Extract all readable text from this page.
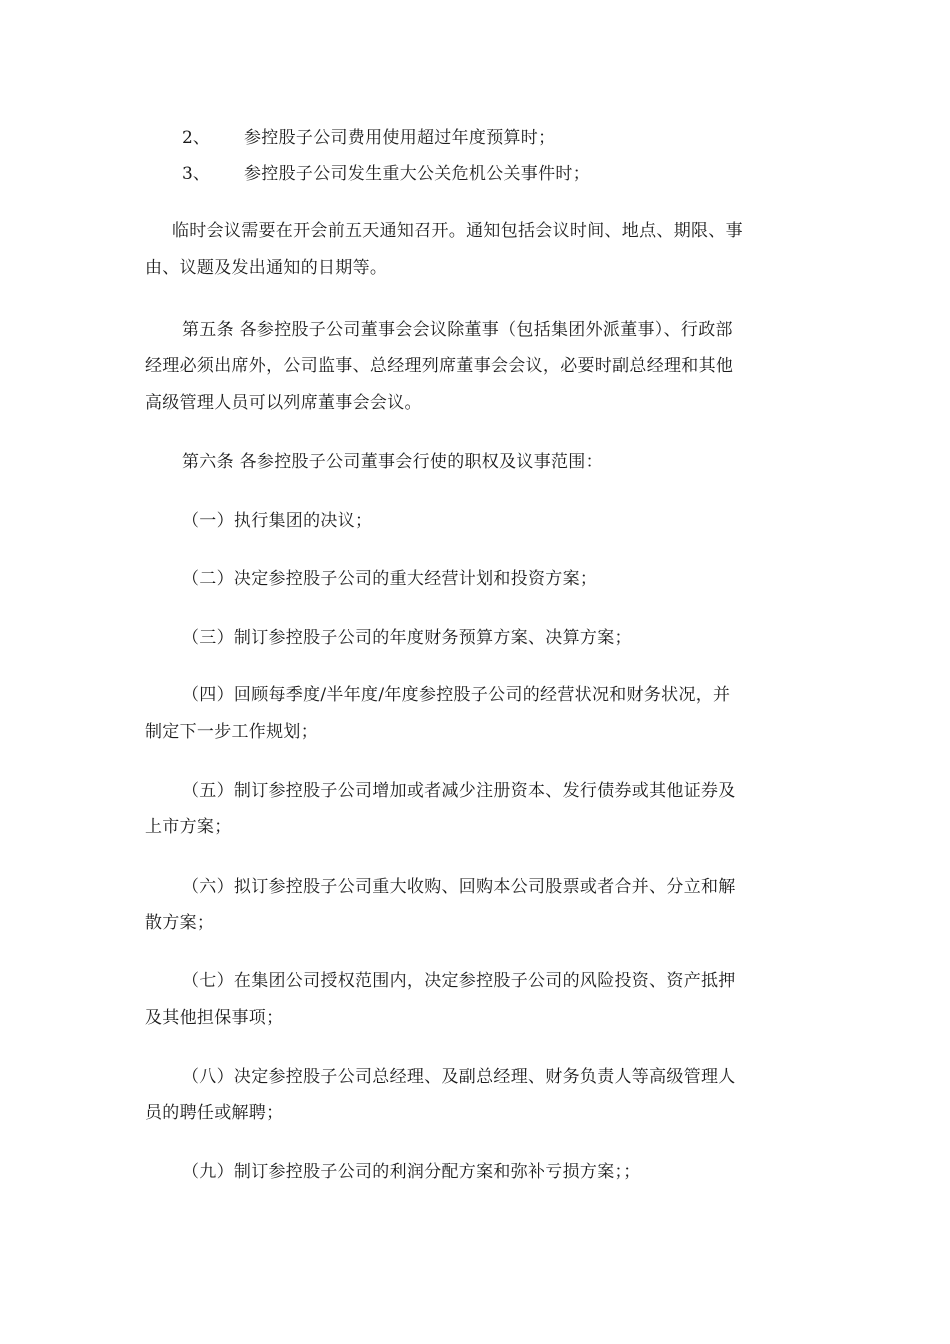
2、 参控股子公司费用使用超过年度预算时；
3、 参控股子公司发生重大公关危机公关事件时；
临时会议需要在开会前五天通知召开。通知包括会议时间、地点、期限、事
由、议题及发出通知的日期等。
第五条 各参控股子公司董事会会议除董事（包括集团外派董事）、行政部
经理必须出席外，公司监事、总经理列席董事会会议，必要时副总经理和其他
高级管理人员可以列席董事会会议。
第六条 各参控股子公司董事会行使的职权及议事范围：
（一）执行集团的决议；
（二）决定参控股子公司的重大经营计划和投资方案；
（三）制订参控股子公司的年度财务预算方案、决算方案；
（四）回顾每季度/半年度/年度参控股子公司的经营状况和财务状况，并
制定下一步工作规划；
（五）制订参控股子公司增加或者减少注册资本、发行债券或其他证券及
上市方案；
（六）拟订参控股子公司重大收购、回购本公司股票或者合并、分立和解
散方案；
（七）在集团公司授权范围内，决定参控股子公司的风险投资、资产抵押
及其他担保事项；
（八）决定参控股子公司总经理、及副总经理、财务负责人等高级管理人
员的聘任或解聘；
（九）制订参控股子公司的利润分配方案和弥补亏损方案；；
